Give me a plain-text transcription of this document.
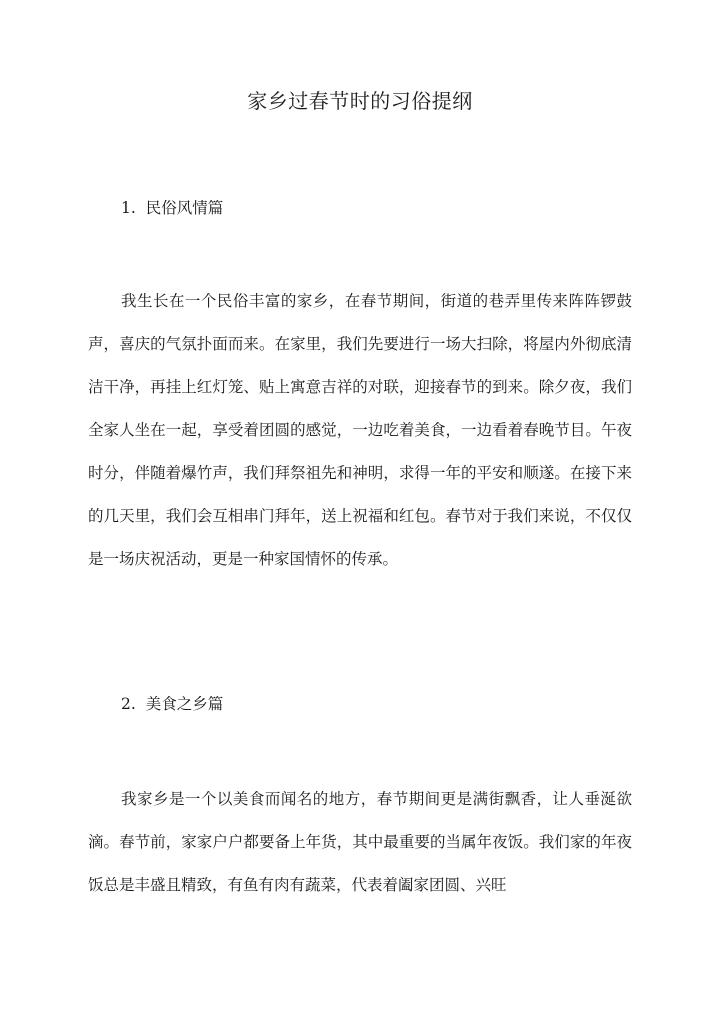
家乡过春节时的习俗提纲
1. 民俗风情篇

我生长在一个民俗丰富的家乡，在春节期间，街道的巷弄里传来阵阵锣鼓声，喜庆的气氛扑面而来。在家里，我们先要进行一场大扫除，将屋内外彻底清洁干净，再挂上红灯笼、贴上寓意吉祥的对联，迎接春节的到来。除夕夜，我们全家人坐在一起，享受着团圆的感觉，一边吃着美食，一边看着春晚节目。午夜时分，伴随着爆竹声，我们拜祭祖先和神明，求得一年的平安和顺遂。在接下来的几天里，我们会互相串门拜年，送上祝福和红包。春节对于我们来说，不仅仅是一场庆祝活动，更是一种家国情怀的传承。

2. 美食之乡篇

我家乡是一个以美食而闻名的地方，春节期间更是满街飘香，让人垂涎欲滴。春节前，家家户户都要备上年货，其中最重要的当属年夜饭。我们家的年夜饭总是丰盛且精致，有鱼有肉有蔬菜，代表着阖家团圆、兴旺
